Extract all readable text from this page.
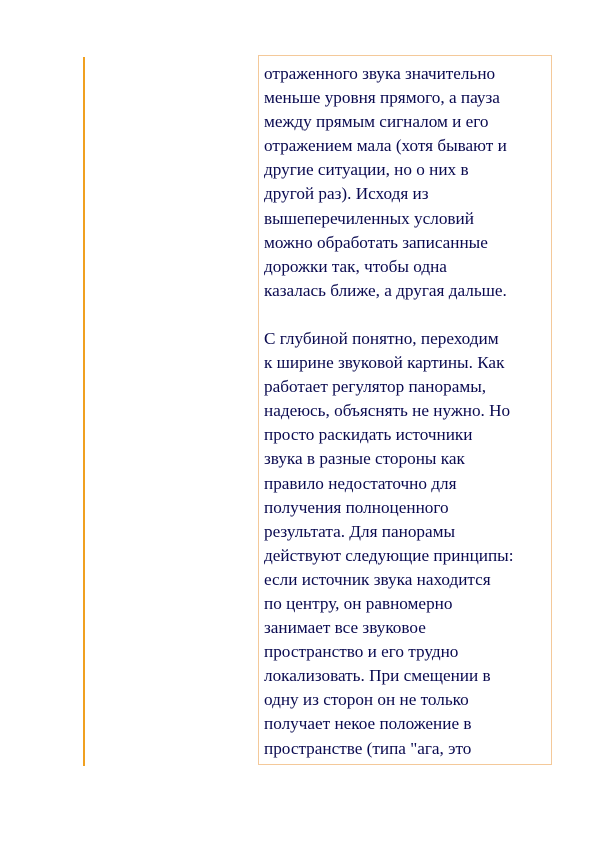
отраженного звука значительно
меньше уровня прямого, а пауза
между прямым сигналом и его
отражением мала (хотя бывают и
другие ситуации, но о них в
другой раз). Исходя из
вышеперечиленных условий
можно обработать записанные
дорожки так, чтобы одна
казалась ближе, а другая дальше.

С глубиной понятно, переходим
к ширине звуковой картины. Как
работает регулятор панорамы,
надеюсь, объяснять не нужно. Но
просто раскидать источники
звука в разные стороны как
правило недостаточно для
получения полноценного
результата. Для панорамы
действуют следующие принципы:
если источник звука находится
по центру, он равномерно
занимает все звуковое
пространство и его трудно
локализовать. При смещении в
одну из сторон он не только
получает некое положение в
пространстве (типа "ага, это
